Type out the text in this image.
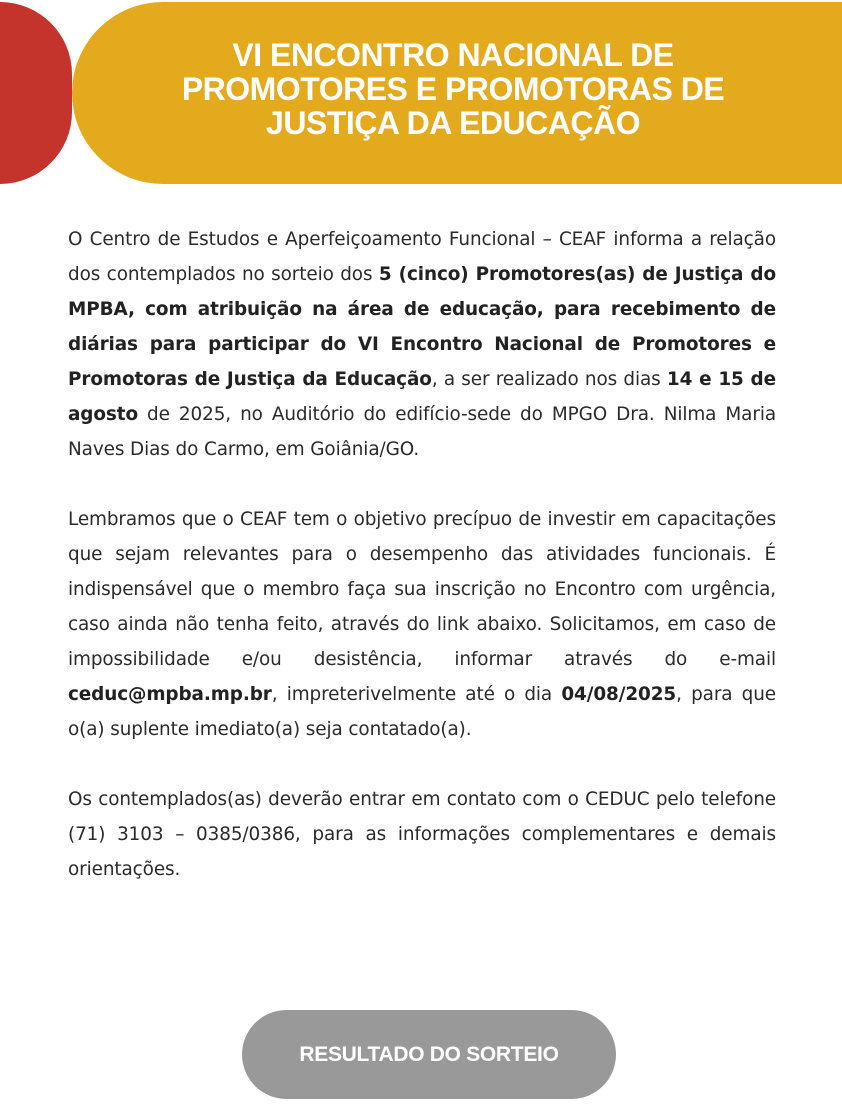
VI ENCONTRO NACIONAL DE
PROMOTORES E PROMOTORAS DE
JUSTIÇA DA EDUCAÇÃO

O Centro de Estudos e Aperfeiçoamento Funcional – CEAF informa a relação dos contemplados no sorteio dos 5 (cinco) Promotores(as) de Justiça do MPBA, com atribuição na área de educação, para recebimento de diárias para participar do VI Encontro Nacional de Promotores e Promotoras de Justiça da Educação, a ser realizado nos dias 14 e 15 de agosto de 2025, no Auditório do edifício-sede do MPGO Dra. Nilma Maria Naves Dias do Carmo, em Goiânia/GO.

Lembramos que o CEAF tem o objetivo precípuo de investir em capacitações que sejam relevantes para o desempenho das atividades funcionais. É indispensável que o membro faça sua inscrição no Encontro com urgência, caso ainda não tenha feito, através do link abaixo. Solicitamos, em caso de impossibilidade e/ou desistência, informar através do e-mail ceduc@mpba.mp.br, impreterivelmente até o dia 04/08/2025, para que o(a) suplente imediato(a) seja contatado(a).

Os contemplados(as) deverão entrar em contato com o CEDUC pelo telefone (71) 3103 – 0385/0386, para as informações complementares e demais orientações.

RESULTADO DO SORTEIO
